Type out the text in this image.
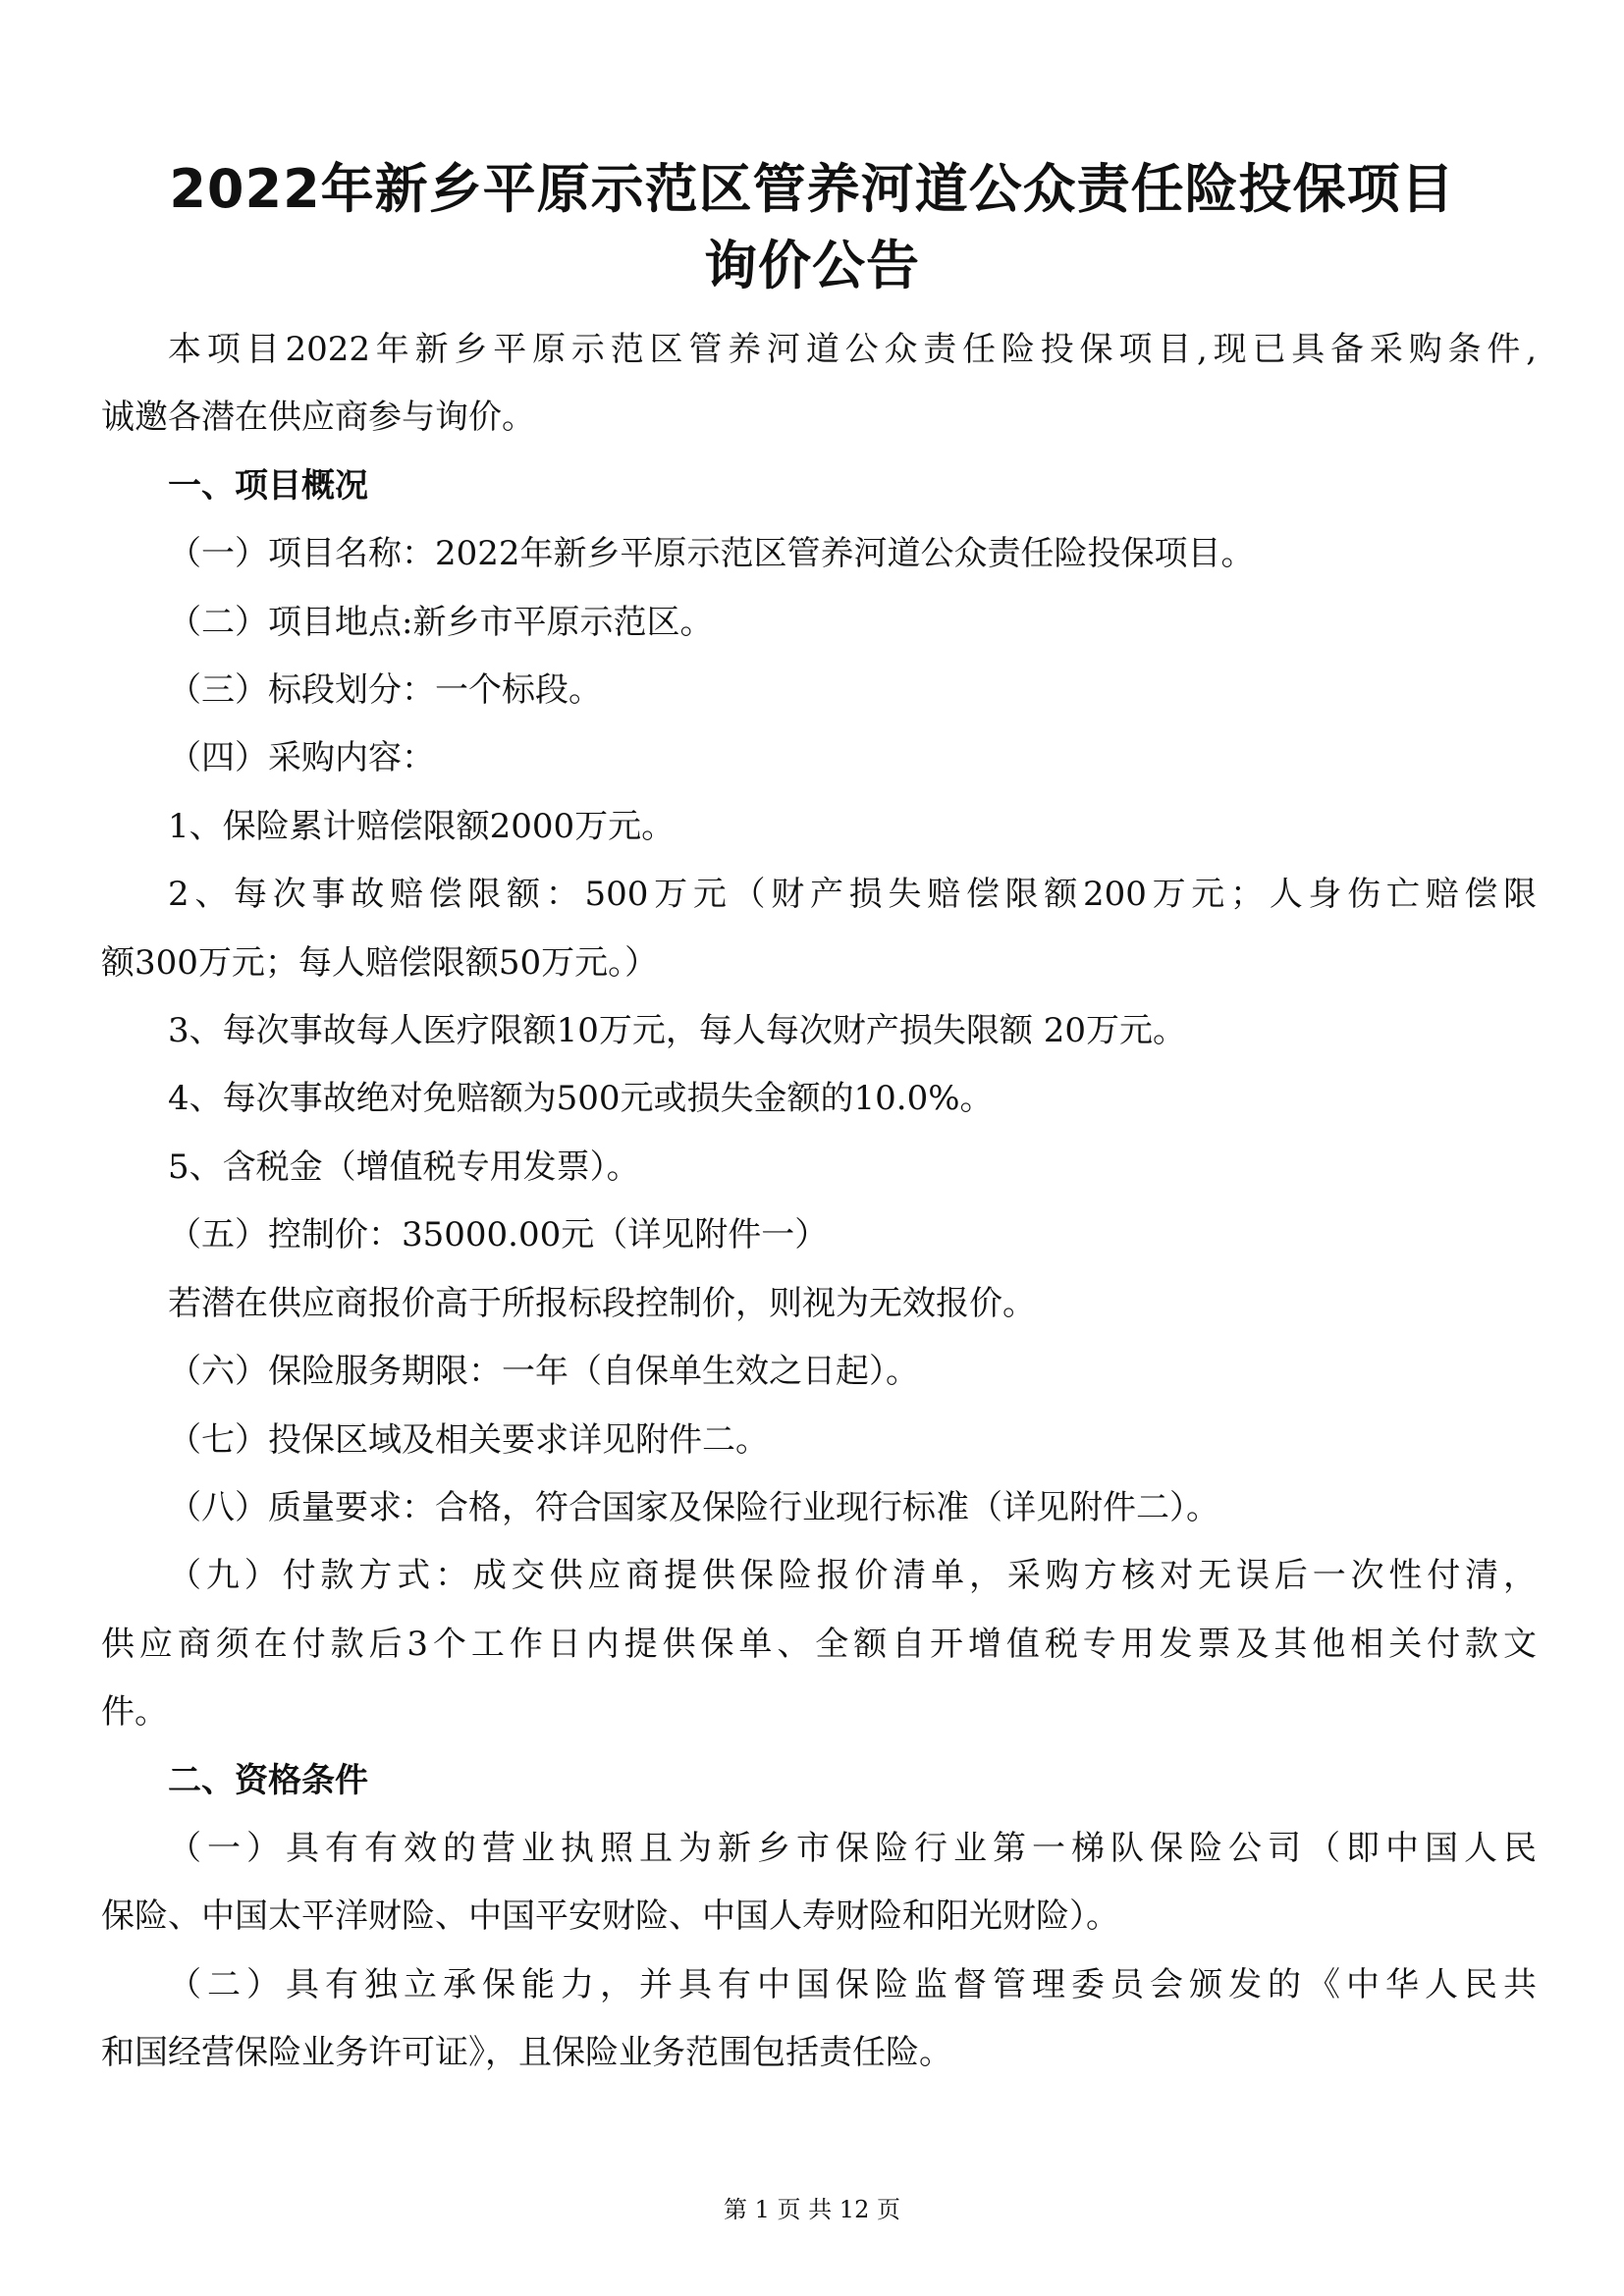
2022年新乡平原示范区管养河道公众责任险投保项目
询价公告

本项目2022年新乡平原示范区管养河道公众责任险投保项目,现已具备采购条件,

诚邀各潜在供应商参与询价。

一、项目概况

（一）项目名称：2022年新乡平原示范区管养河道公众责任险投保项目。

（二）项目地点:新乡市平原示范区。

（三）标段划分：一个标段。

（四）采购内容：

1、保险累计赔偿限额2000万元。

2、每次事故赔偿限额：500万元（财产损失赔偿限额200万元；人身伤亡赔偿限

额300万元；每人赔偿限额50万元。）

3、每次事故每人医疗限额10万元，每人每次财产损失限额 20万元。

4、每次事故绝对免赔额为500元或损失金额的10.0%。

5、含税金（增值税专用发票）。

（五）控制价：35000.00元（详见附件一）

若潜在供应商报价高于所报标段控制价，则视为无效报价。

（六）保险服务期限：一年（自保单生效之日起）。

（七）投保区域及相关要求详见附件二。

（八）质量要求：合格，符合国家及保险行业现行标准（详见附件二）。

（九）付款方式：成交供应商提供保险报价清单，采购方核对无误后一次性付清，

供应商须在付款后3个工作日内提供保单、全额自开增值税专用发票及其他相关付款文

件。

二、资格条件

（一）具有有效的营业执照且为新乡市保险行业第一梯队保险公司（即中国人民

保险、中国太平洋财险、中国平安财险、中国人寿财险和阳光财险）。

（二）具有独立承保能力，并具有中国保险监督管理委员会颁发的《中华人民共

和国经营保险业务许可证》，且保险业务范围包括责任险。

第 1 页 共 12 页
